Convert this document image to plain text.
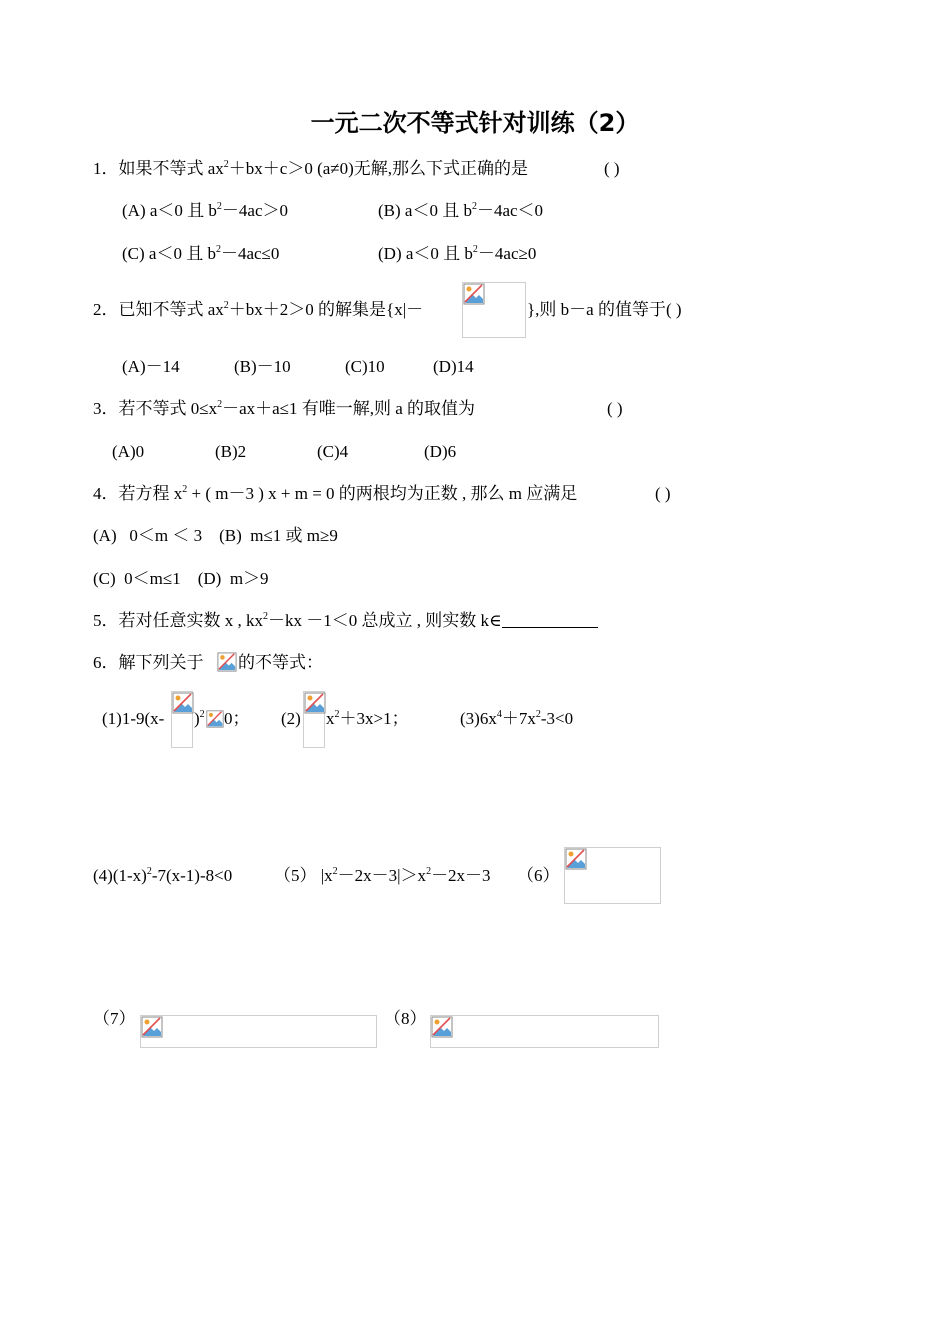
一元二次不等式针对训练（2）
1．如果不等式 $ax^2+bx+c>0$ (a≠0)无解,那么下式正确的是	( )
(A) a＜0 且 $b^2-4ac>0$	(B) a＜0 且 $b^2-4ac<0$
(C) a＜0 且 $b^2-4ac\le 0$	(D) a＜0 且 $b^2-4ac\ge 0$
2．已知不等式 $ax^2+bx+2>0$ 的解集是{x|－	},则 b－a 的值等于( )
(A)－14	(B)－10	(C)10	(D)14
3．若不等式 $0\le x^2-ax+a\le 1$ 有唯一解,则 a 的取值为	( )
(A)0	(B)2	(C)4	(D)6
4．若方程 $x^2$ + ( m－3 ) x + m = 0 的两根均为正数 , 那么 m 应满足	( )
(A)   0＜m ＜ 3    (B)  m≤1 或 m≥9
(C)  0＜m≤1    (D)  m＞9
5．若对任意实数 x , $kx^2-kx -1<0$ 总成立 , 则实数 k∈
6．解下列关于 的不等式：
(1)1-9(x- )$^2$ 0； (2) $x^2+3x>1$；	$(3)6x^4+7x^2-3<0$
$(4)(1-x)^2-7(x-1)-8<0$ （5） $|x^2-2x-3|>x^2-2x-3$ （6）
（7）	（8）
